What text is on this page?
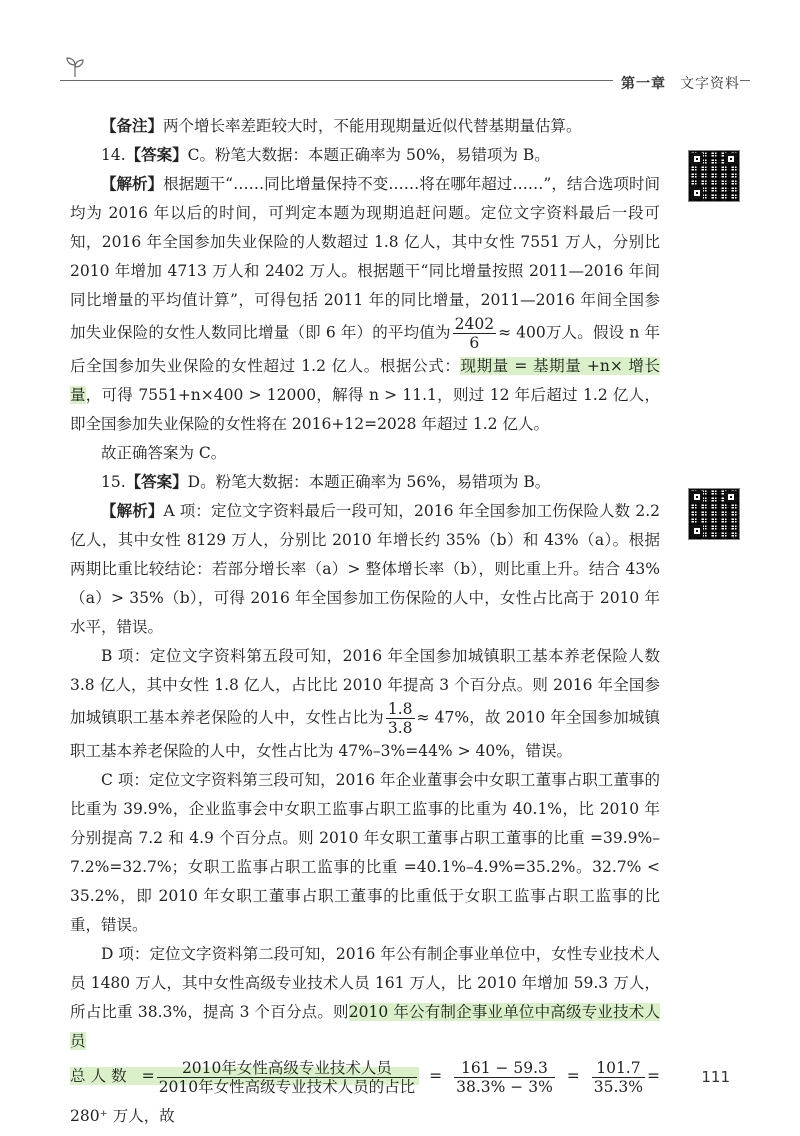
第一章 文字资料

【备注】两个增长率差距较大时，不能用现期量近似代替基期量估算。

14.【答案】C。粉笔大数据：本题正确率为 50%，易错项为 B。

【解析】根据题干“……同比增量保持不变……将在哪年超过……”，结合选项时间均为 2016 年以后的时间，可判定本题为现期追赶问题。定位文字资料最后一段可知，2016 年全国参加失业保险的人数超过 1.8 亿人，其中女性 7551 万人，分别比 2010 年增加 4713 万人和 2402 万人。根据题干“同比增量按照 2011—2016 年间同比增量的平均值计算”，可得包括 2011 年的同比增量，2011—2016 年间全国参加失业保险的女性人数同比增量（即 6 年）的平均值为 $\frac{2402}{6} \approx 400$万人。假设 n 年后全国参加失业保险的女性超过 1.2 亿人。根据公式：现期量 = 基期量 +n× 增长量，可得 7551+n×400 > 12000，解得 n > 11.1，则过 12 年后超过 1.2 亿人，即全国参加失业保险的女性将在 2016+12=2028 年超过 1.2 亿人。

故正确答案为 C。

15.【答案】D。粉笔大数据：本题正确率为 56%，易错项为 B。

【解析】A 项：定位文字资料最后一段可知，2016 年全国参加工伤保险人数 2.2 亿人，其中女性 8129 万人，分别比 2010 年增长约 35%（b）和 43%（a）。根据两期比重比较结论：若部分增长率（a）> 整体增长率（b），则比重上升。结合 43%（a）> 35%（b），可得 2016 年全国参加工伤保险的人中，女性占比高于 2010 年水平，错误。

B 项：定位文字资料第五段可知，2016 年全国参加城镇职工基本养老保险人数 3.8 亿人，其中女性 1.8 亿人，占比比 2010 年提高 3 个百分点。则 2016 年全国参加城镇职工基本养老保险的人中，女性占比为 $\frac{1.8}{3.8} \approx 47\%$，故 2010 年全国参加城镇职工基本养老保险的人中，女性占比为 47%–3%=44% > 40%，错误。

C 项：定位文字资料第三段可知，2016 年企业董事会中女职工董事占职工董事的比重为 39.9%，企业监事会中女职工监事占职工监事的比重为 40.1%，比 2010 年分别提高 7.2 和 4.9 个百分点。则 2010 年女职工董事占职工董事的比重 =39.9%–7.2%=32.7%；女职工监事占职工监事的比重 =40.1%–4.9%=35.2%。32.7% < 35.2%，即 2010 年女职工董事占职工董事的比重低于女职工监事占职工监事的比重，错误。

D 项：定位文字资料第二段可知，2016 年公有制企事业单位中，女性专业技术人员 1480 万人，其中女性高级专业技术人员 161 万人，比 2010 年增加 59.3 万人，所占比重 38.3%，提高 3 个百分点。则2010 年公有制企事业单位中高级专业技术人员

总人数 = $\frac{\text{2010年女性高级专业技术人员}}{\text{2010年女性高级专业技术人员的占比}} = \frac{161 - 59.3}{38.3\% - 3\%} = \frac{101.7}{35.3\%} = 280^+$ 万人，故

111
